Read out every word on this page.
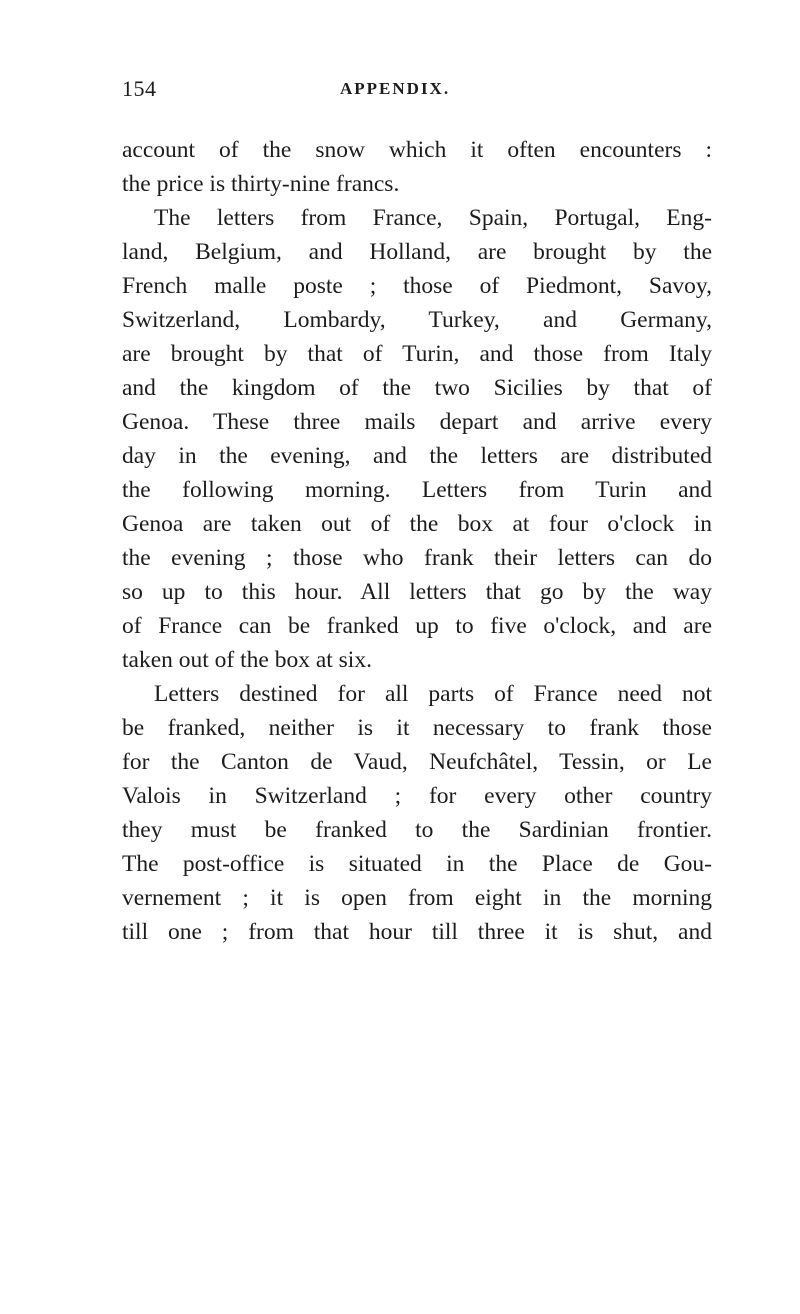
154	APPENDIX.
account of the snow which it often encounters :
the price is thirty-nine francs.
The letters from France, Spain, Portugal, Eng-
land, Belgium, and Holland, are brought by the
French malle poste ; those of Piedmont, Savoy,
Switzerland, Lombardy, Turkey, and Germany,
are brought by that of Turin, and those from Italy
and the kingdom of the two Sicilies by that of
Genoa. These three mails depart and arrive every
day in the evening, and the letters are distributed
the following morning. Letters from Turin and
Genoa are taken out of the box at four o'clock in
the evening ; those who frank their letters can do
so up to this hour. All letters that go by the way
of France can be franked up to five o'clock, and are
taken out of the box at six.
Letters destined for all parts of France need not
be franked, neither is it necessary to frank those
for the Canton de Vaud, Neufchâtel, Tessin, or Le
Valois in Switzerland ; for every other country
they must be franked to the Sardinian frontier.
The post-office is situated in the Place de Gou-
vernement ; it is open from eight in the morning
till one ; from that hour till three it is shut, and
